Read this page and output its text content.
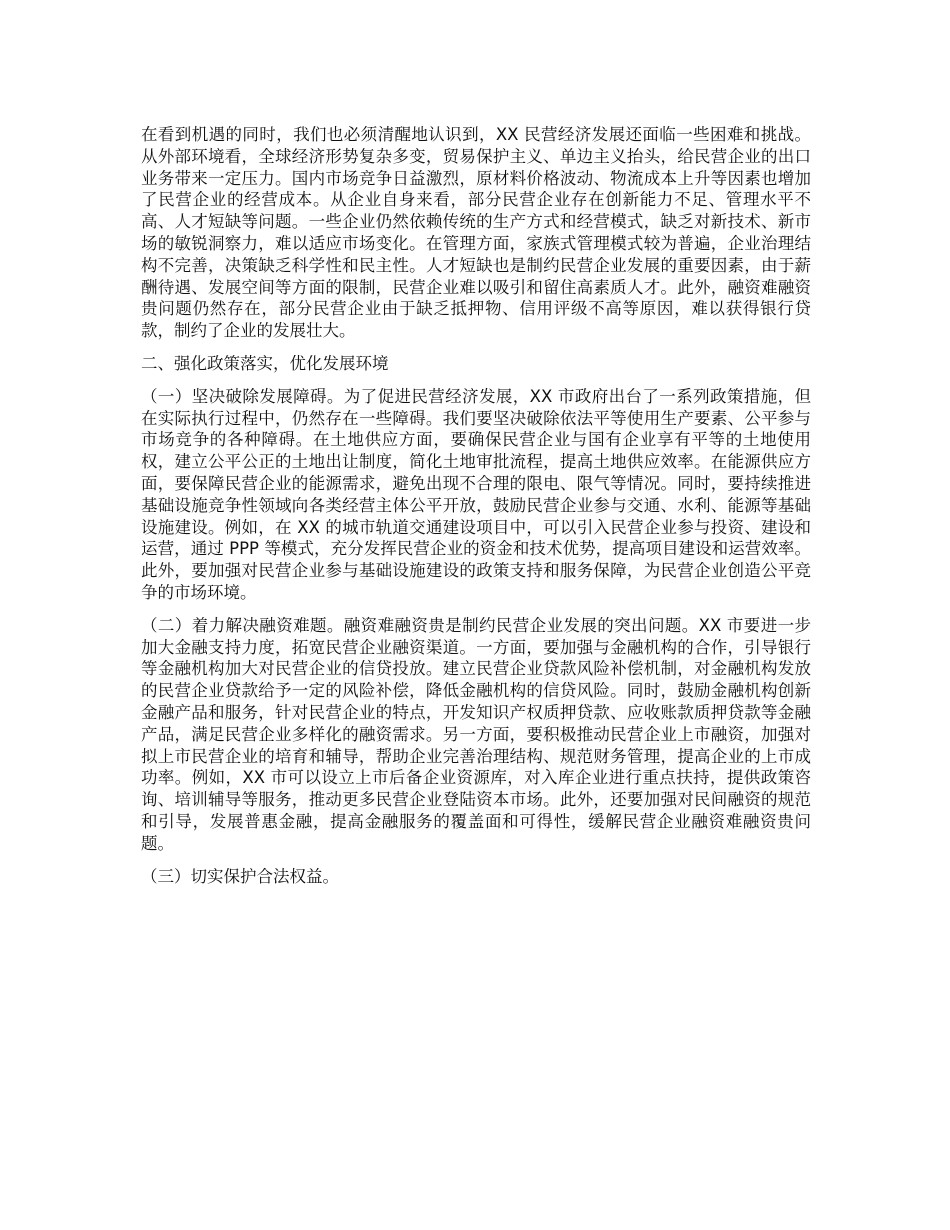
在看到机遇的同时，我们也必须清醒地认识到，XX 民营经济发展还面临一些困难和挑战。从外部环境看，全球经济形势复杂多变，贸易保护主义、单边主义抬头，给民营企业的出口业务带来一定压力。国内市场竞争日益激烈，原材料价格波动、物流成本上升等因素也增加了民营企业的经营成本。从企业自身来看，部分民营企业存在创新能力不足、管理水平不高、人才短缺等问题。一些企业仍然依赖传统的生产方式和经营模式，缺乏对新技术、新市场的敏锐洞察力，难以适应市场变化。在管理方面，家族式管理模式较为普遍，企业治理结构不完善，决策缺乏科学性和民主性。人才短缺也是制约民营企业发展的重要因素，由于薪酬待遇、发展空间等方面的限制，民营企业难以吸引和留住高素质人才。此外，融资难融资贵问题仍然存在，部分民营企业由于缺乏抵押物、信用评级不高等原因，难以获得银行贷款，制约了企业的发展壮大。

二、强化政策落实，优化发展环境

（一）坚决破除发展障碍。为了促进民营经济发展，XX 市政府出台了一系列政策措施，但在实际执行过程中，仍然存在一些障碍。我们要坚决破除依法平等使用生产要素、公平参与市场竞争的各种障碍。在土地供应方面，要确保民营企业与国有企业享有平等的土地使用权，建立公平公正的土地出让制度，简化土地审批流程，提高土地供应效率。在能源供应方面，要保障民营企业的能源需求，避免出现不合理的限电、限气等情况。同时，要持续推进基础设施竞争性领域向各类经营主体公平开放，鼓励民营企业参与交通、水利、能源等基础设施建设。例如，在 XX 的城市轨道交通建设项目中，可以引入民营企业参与投资、建设和运营，通过 PPP 等模式，充分发挥民营企业的资金和技术优势，提高项目建设和运营效率。此外，要加强对民营企业参与基础设施建设的政策支持和服务保障，为民营企业创造公平竞争的市场环境。

（二）着力解决融资难题。融资难融资贵是制约民营企业发展的突出问题。XX 市要进一步加大金融支持力度，拓宽民营企业融资渠道。一方面，要加强与金融机构的合作，引导银行等金融机构加大对民营企业的信贷投放。建立民营企业贷款风险补偿机制，对金融机构发放的民营企业贷款给予一定的风险补偿，降低金融机构的信贷风险。同时，鼓励金融机构创新金融产品和服务，针对民营企业的特点，开发知识产权质押贷款、应收账款质押贷款等金融产品，满足民营企业多样化的融资需求。另一方面，要积极推动民营企业上市融资，加强对拟上市民营企业的培育和辅导，帮助企业完善治理结构、规范财务管理，提高企业的上市成功率。例如，XX 市可以设立上市后备企业资源库，对入库企业进行重点扶持，提供政策咨询、培训辅导等服务，推动更多民营企业登陆资本市场。此外，还要加强对民间融资的规范和引导，发展普惠金融，提高金融服务的覆盖面和可得性，缓解民营企业融资难融资贵问题。

（三）切实保护合法权益。
